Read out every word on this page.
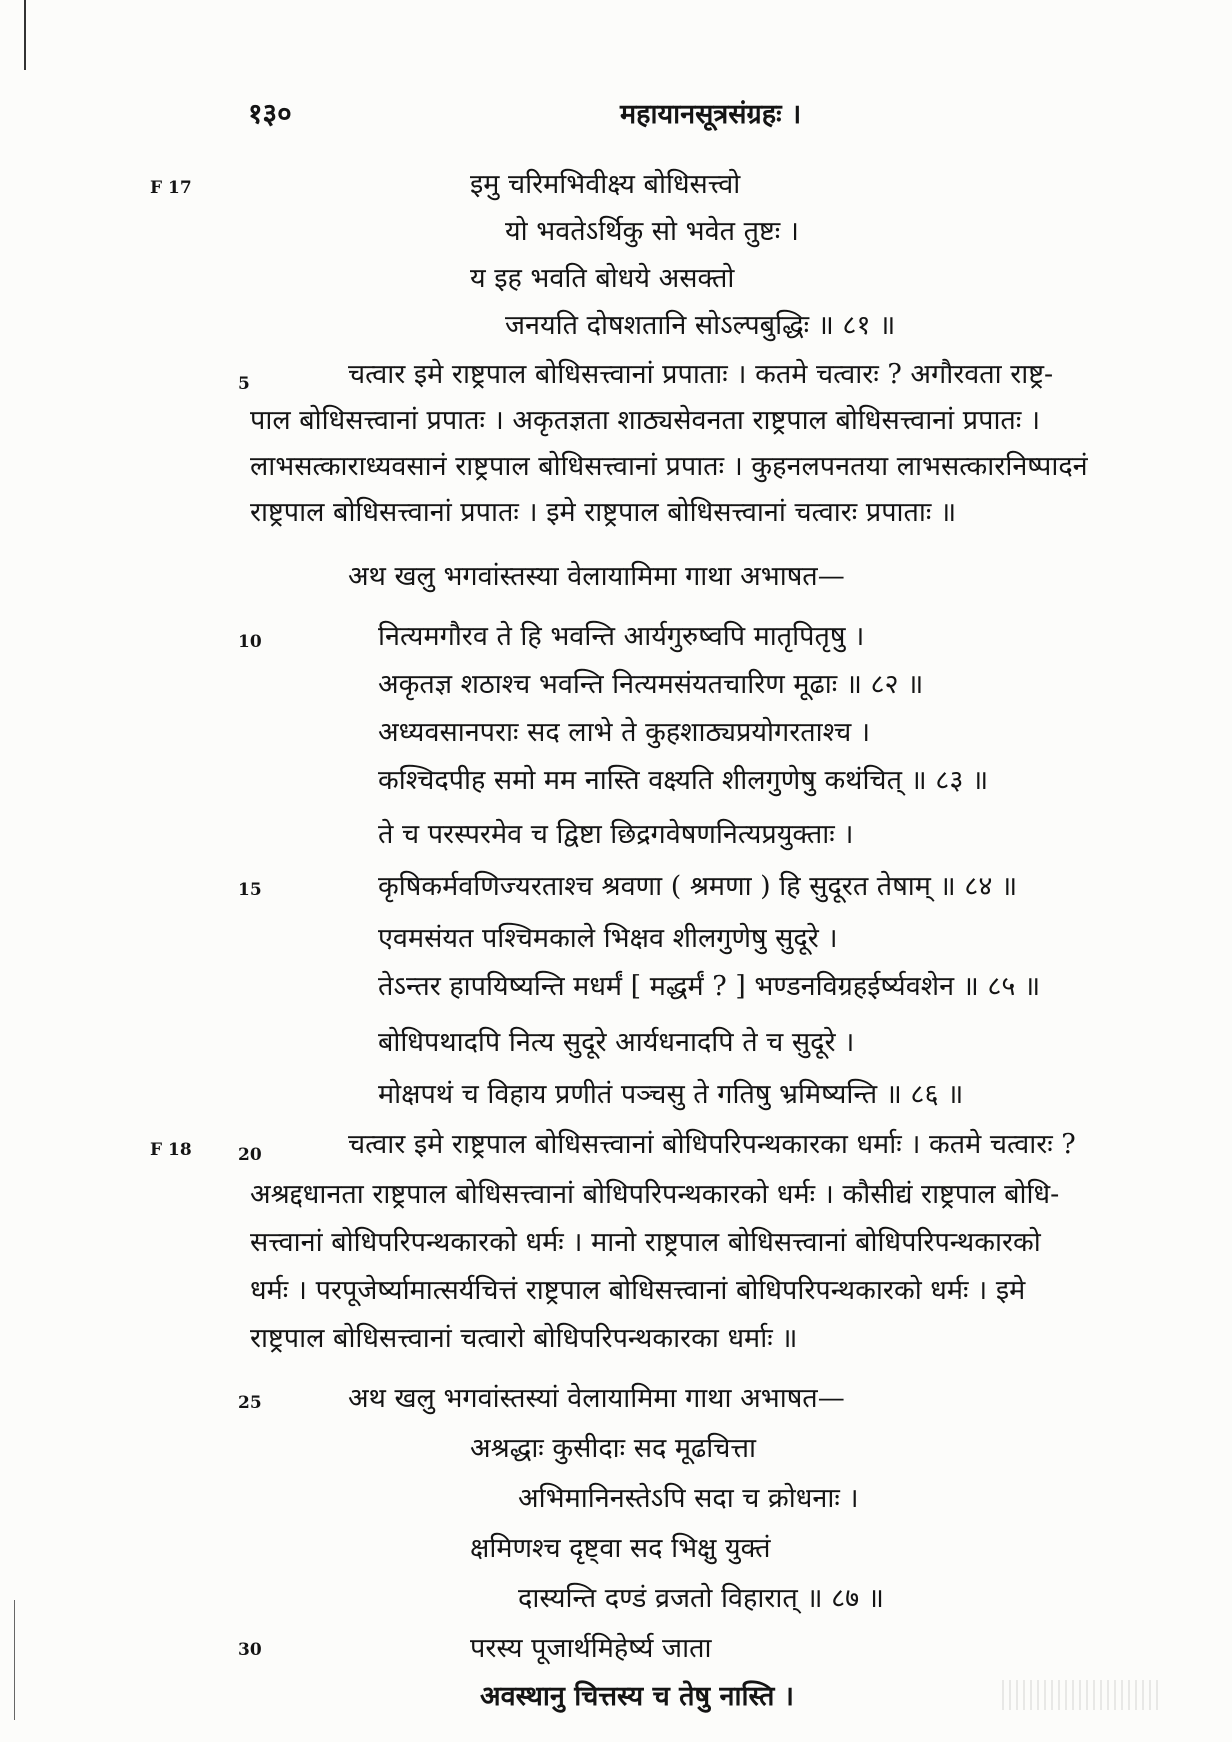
१३०	महायानसूत्रसंग्रहः ।
F 17
F 18
5
10
15
20
25
30
इमु चरिमभिवीक्ष्य बोधिसत्त्वो
यो भवतेऽर्थिकु सो भवेत तुष्टः ।
य इह भवति बोधये असक्तो
जनयति दोषशतानि सोऽल्पबुद्धिः ॥ ८१ ॥
चत्वार इमे राष्ट्रपाल बोधिसत्त्वानां प्रपाताः । कतमे चत्वारः ? अगौरवता राष्ट्र-
पाल बोधिसत्त्वानां प्रपातः । अकृतज्ञता शाठ्यसेवनता राष्ट्रपाल बोधिसत्त्वानां प्रपातः ।
लाभसत्काराध्यवसानं राष्ट्रपाल बोधिसत्त्वानां प्रपातः । कुहनलपनतया लाभसत्कारनिष्पादनं
राष्ट्रपाल बोधिसत्त्वानां प्रपातः । इमे राष्ट्रपाल बोधिसत्त्वानां चत्वारः प्रपाताः ॥
अथ खलु भगवांस्तस्या वेलायामिमा गाथा अभाषत—
नित्यमगौरव ते हि भवन्ति आर्यगुरुष्वपि मातृपितृषु ।
अकृतज्ञ शठाश्च भवन्ति नित्यमसंयतचारिण मूढाः ॥ ८२ ॥
अध्यवसानपराः सद लाभे ते कुहशाठ्यप्रयोगरताश्च ।
कश्चिदपीह समो मम नास्ति वक्ष्यति शीलगुणेषु कथंचित् ॥ ८३ ॥
ते च परस्परमेव च द्विष्टा छिद्रगवेषणनित्यप्रयुक्ताः ।
कृषिकर्मवणिज्यरताश्च श्रवणा ( श्रमणा ) हि सुदूरत तेषाम् ॥ ८४ ॥
एवमसंयत पश्चिमकाले भिक्षव शीलगुणेषु सुदूरे ।
तेऽन्तर हापयिष्यन्ति मधर्मं [ मद्धर्मं ? ] भण्डनविग्रहईर्ष्यवशेन ॥ ८५ ॥
बोधिपथादपि नित्य सुदूरे आर्यधनादपि ते च सुदूरे ।
मोक्षपथं च विहाय प्रणीतं पञ्चसु ते गतिषु भ्रमिष्यन्ति ॥ ८६ ॥
चत्वार इमे राष्ट्रपाल बोधिसत्त्वानां बोधिपरिपन्थकारका धर्माः । कतमे चत्वारः ?
अश्रद्दधानता राष्ट्रपाल बोधिसत्त्वानां बोधिपरिपन्थकारको धर्मः । कौसीद्यं राष्ट्रपाल बोधि-
सत्त्वानां बोधिपरिपन्थकारको धर्मः । मानो राष्ट्रपाल बोधिसत्त्वानां बोधिपरिपन्थकारको
धर्मः । परपूजेर्ष्यामात्सर्यचित्तं राष्ट्रपाल बोधिसत्त्वानां बोधिपरिपन्थकारको धर्मः । इमे
राष्ट्रपाल बोधिसत्त्वानां चत्वारो बोधिपरिपन्थकारका धर्माः ॥
अथ खलु भगवांस्तस्यां वेलायामिमा गाथा अभाषत—
अश्रद्धाः कुसीदाः सद मूढचित्ता
अभिमानिनस्तेऽपि सदा च क्रोधनाः ।
क्षमिणश्च दृष्ट्वा सद भिक्षु युक्तं
दास्यन्ति दण्डं व्रजतो विहारात् ॥ ८७ ॥
परस्य पूजार्थमिहेर्ष्य जाता
अवस्थानु चित्तस्य च तेषु नास्ति ।
